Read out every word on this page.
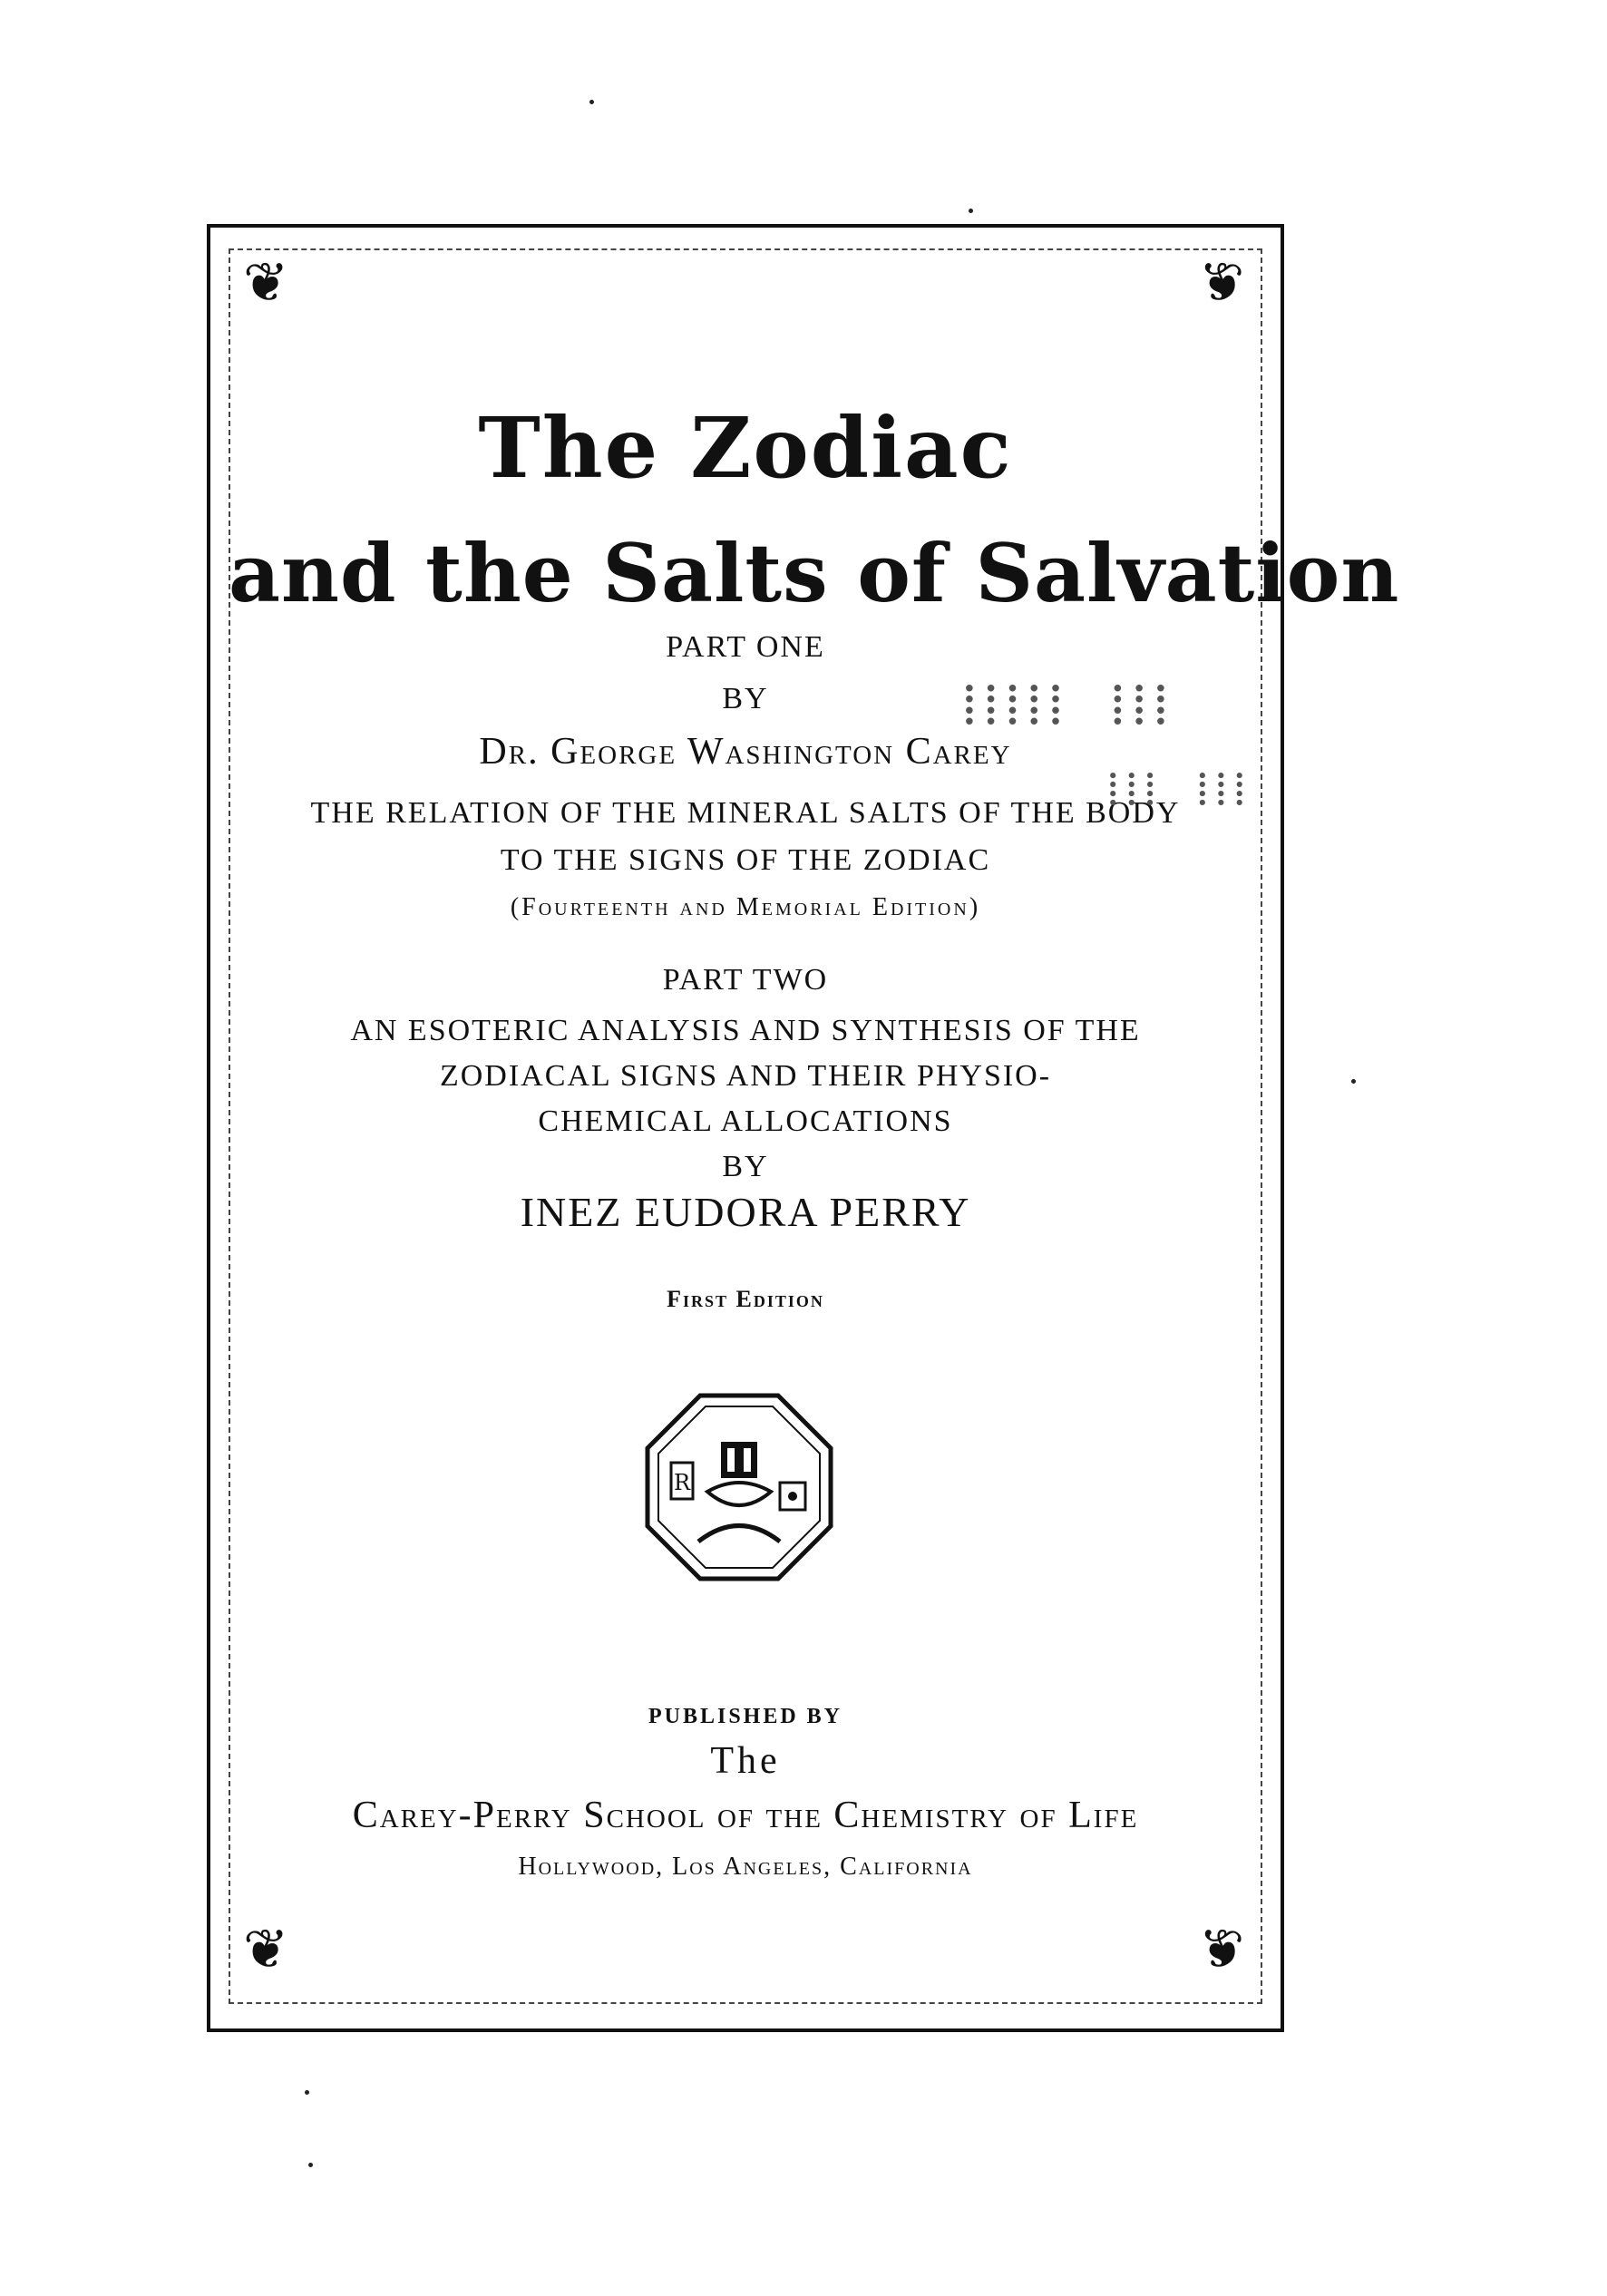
❦	❦
❦	❦
The Zodiac
and the Salts of Salvation
PART ONE
BY
Dr. George Washington Carey
THE RELATION OF THE MINERAL SALTS OF THE BODY
TO THE SIGNS OF THE ZODIAC
(Fourteenth and Memorial Edition)
PART TWO
AN ESOTERIC ANALYSIS AND SYNTHESIS OF THE
ZODIACAL SIGNS AND THEIR PHYSIO-
CHEMICAL ALLOCATIONS
BY
INEZ EUDORA PERRY
First Edition
R
PUBLISHED BY
The
Carey-Perry School of the Chemistry of Life
Hollywood, Los Angeles, California
⁞⁞⁞⁞⁞ ⁞⁞⁞
⁞⁞⁞ ⁞⁞⁞
